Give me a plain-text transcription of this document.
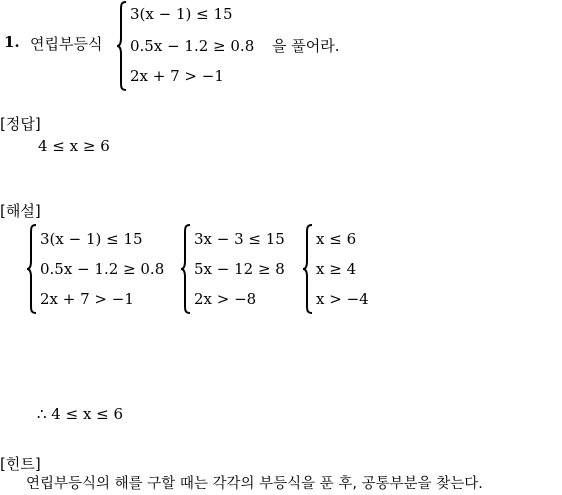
1. 연립부등식
3(x − 1) ≤ 15
0.5x − 1.2 ≥ 0.8
2x + 7 > −1
을 풀어라.
[정답]
4 ≤ x ≥ 6
[해설]
3(x − 1) ≤ 15
0.5x − 1.2 ≥ 0.8
2x + 7 > −1
3x − 3 ≤ 15
5x − 12 ≥ 8
2x > −8
x ≤ 6
x ≥ 4
x > −4
∴ 4 ≤ x ≤ 6
[힌트]
연립부등식의 해를 구할 때는 각각의 부등식을 푼 후, 공통부분을 찾는다.
